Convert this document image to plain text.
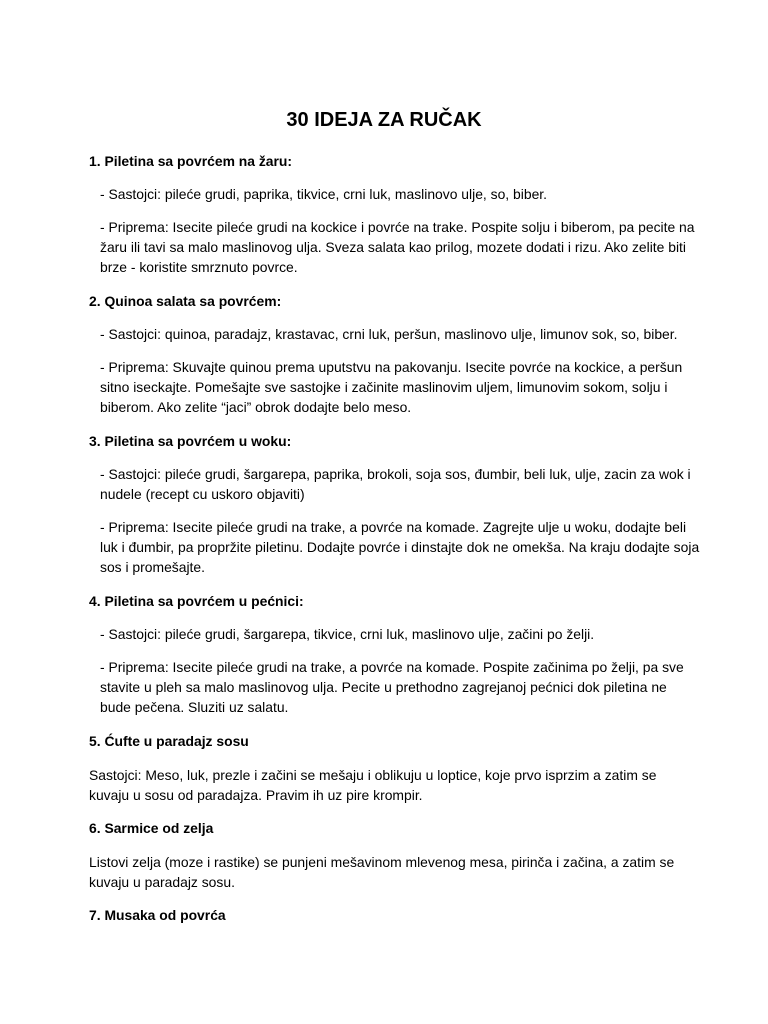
30 IDEJA ZA RUČAK

1. Piletina sa povrćem na žaru:

- Sastojci: pileće grudi, paprika, tikvice, crni luk, maslinovo ulje, so, biber.

- Priprema: Isecite pileće grudi na kockice i povrće na trake. Pospite solju i biberom, pa pecite na žaru ili tavi sa malo maslinovog ulja. Sveza salata kao prilog, mozete dodati i rizu. Ako zelite biti brze - koristite smrznuto povrce.

2. Quinoa salata sa povrćem:

- Sastojci: quinoa, paradajz, krastavac, crni luk, peršun, maslinovo ulje, limunov sok, so, biber.

- Priprema: Skuvajte quinou prema uputstvu na pakovanju. Isecite povrće na kockice, a peršun sitno iseckajte. Pomešajte sve sastojke i začinite maslinovim uljem, limunovim sokom, solju i biberom. Ako zelite “jaci” obrok dodajte belo meso.

3. Piletina sa povrćem u woku:

- Sastojci: pileće grudi, šargarepa, paprika, brokoli, soja sos, đumbir, beli luk, ulje, zacin za wok i nudele (recept cu uskoro objaviti)

- Priprema: Isecite pileće grudi na trake, a povrće na komade. Zagrejte ulje u woku, dodajte beli luk i đumbir, pa propržite piletinu. Dodajte povrće i dinstajte dok ne omekša. Na kraju dodajte soja sos i promešajte.

4. Piletina sa povrćem u pećnici:

- Sastojci: pileće grudi, šargarepa, tikvice, crni luk, maslinovo ulje, začini po želji.

- Priprema: Isecite pileće grudi na trake, a povrće na komade. Pospite začinima po želji, pa sve stavite u pleh sa malo maslinovog ulja. Pecite u prethodno zagrejanoj pećnici dok piletina ne bude pečena. Sluziti uz salatu.

5. Ćufte u paradajz sosu

Sastojci: Meso, luk, prezle i začini se mešaju i oblikuju u loptice, koje prvo isprzim a zatim se kuvaju u sosu od paradajza. Pravim ih uz pire krompir.

6. Sarmice od zelja

Listovi zelja (moze i rastike) se punjeni mešavinom mlevenog mesa, pirinča i začina, a zatim se kuvaju u paradajz sosu.

7. Musaka od povrća
